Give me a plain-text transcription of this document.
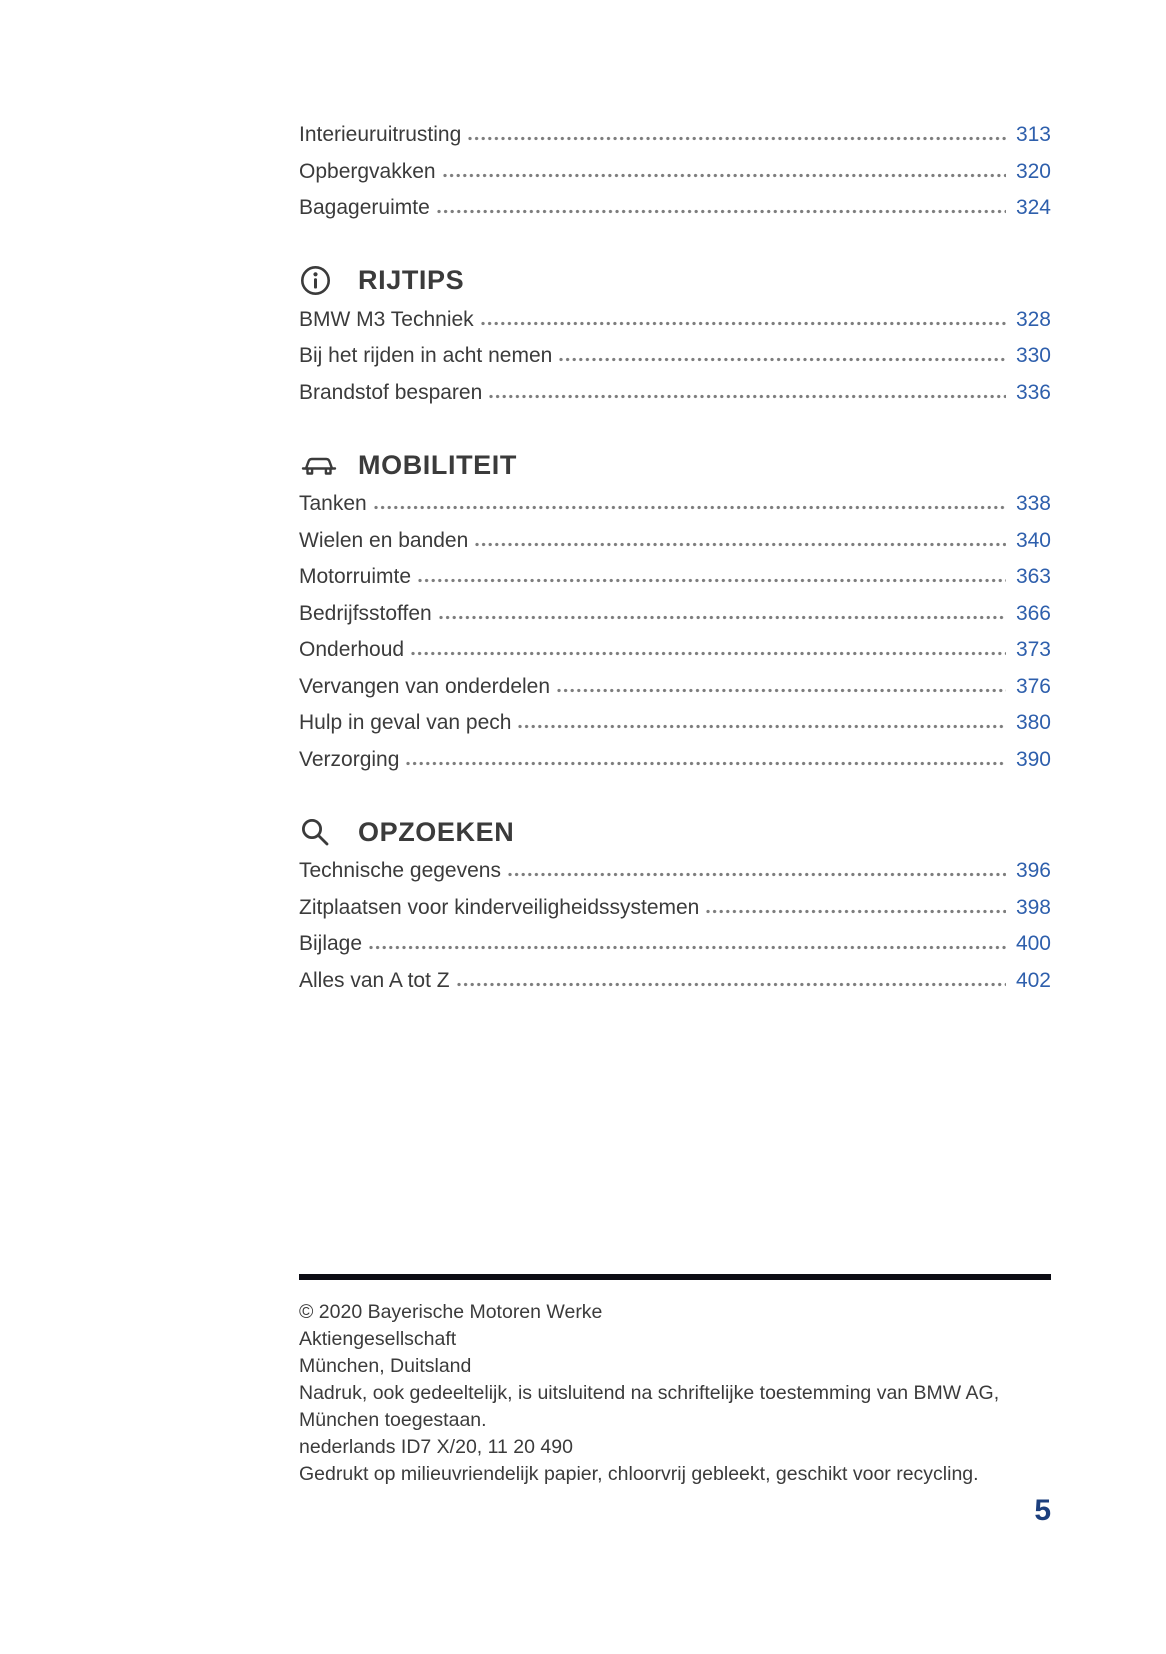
Interieuruitrusting	313
Opbergvakken	320
Bagageruimte	324
RIJTIPS
BMW M3 Techniek	328
Bij het rijden in acht nemen	330
Brandstof besparen	336
MOBILITEIT
Tanken	338
Wielen en banden	340
Motorruimte	363
Bedrijfsstoffen	366
Onderhoud	373
Vervangen van onderdelen	376
Hulp in geval van pech	380
Verzorging	390
OPZOEKEN
Technische gegevens	396
Zitplaatsen voor kinderveiligheidssystemen	398
Bijlage	400
Alles van A tot Z	402

© 2020 Bayerische Motoren Werke

Aktiengesellschaft

München, Duitsland

Nadruk, ook gedeeltelijk, is uitsluitend na schriftelijke toestemming van BMW AG, München toegestaan.

nederlands ID7 X/20, 11 20 490

Gedrukt op milieuvriendelijk papier, chloorvrij gebleekt, geschikt voor recycling.

5
